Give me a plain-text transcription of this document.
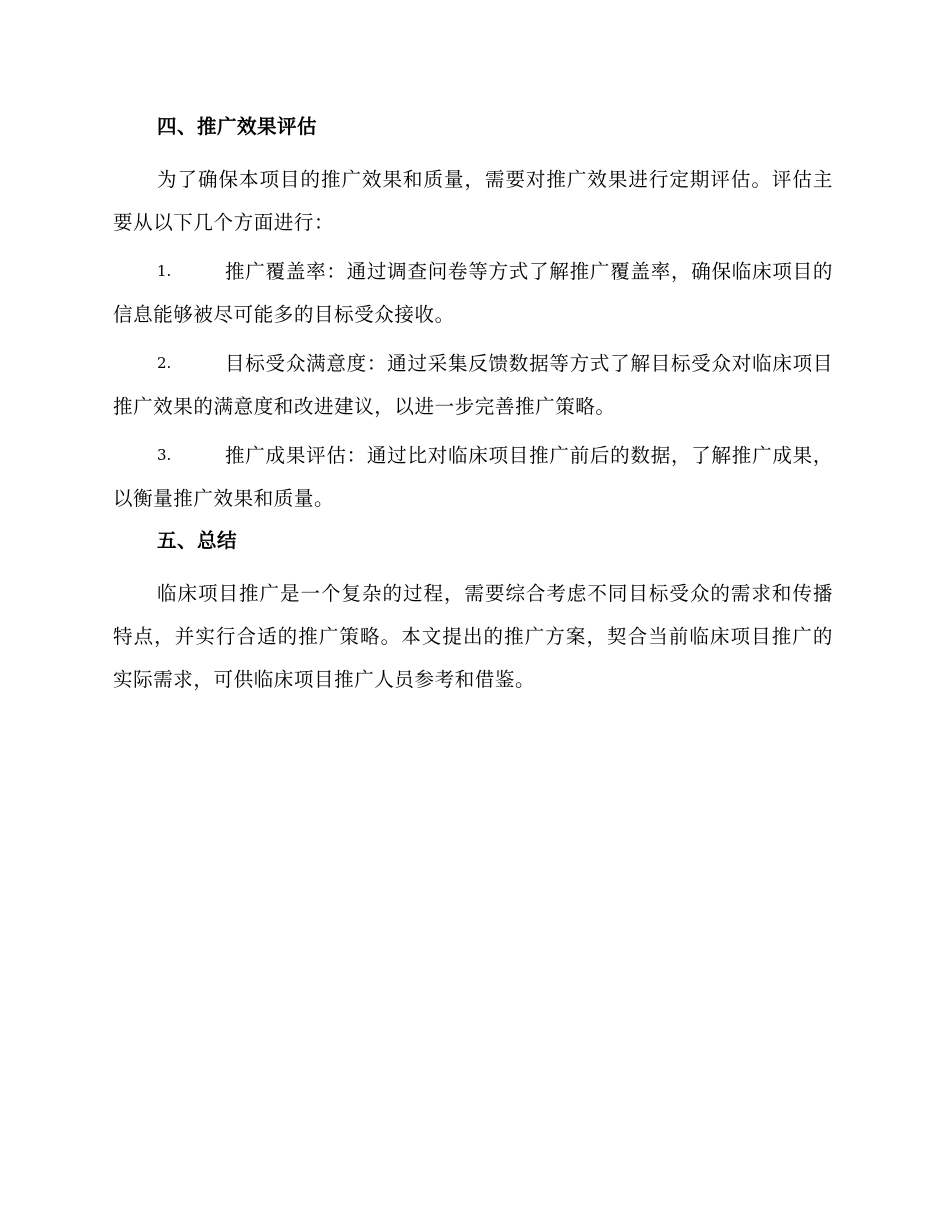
四、推广效果评估

为了确保本项目的推广效果和质量，需要对推广效果进行定期评估。评估主要从以下几个方面进行：

1.	推广覆盖率：通过调查问卷等方式了解推广覆盖率，确保临床项目的信息能够被尽可能多的目标受众接收。
2.	目标受众满意度：通过采集反馈数据等方式了解目标受众对临床项目推广效果的满意度和改进建议，以进一步完善推广策略。
3.	推广成果评估：通过比对临床项目推广前后的数据，了解推广成果，以衡量推广效果和质量。
五、总结

临床项目推广是一个复杂的过程，需要综合考虑不同目标受众的需求和传播特点，并实行合适的推广策略。本文提出的推广方案，契合当前临床项目推广的实际需求，可供临床项目推广人员参考和借鉴。
